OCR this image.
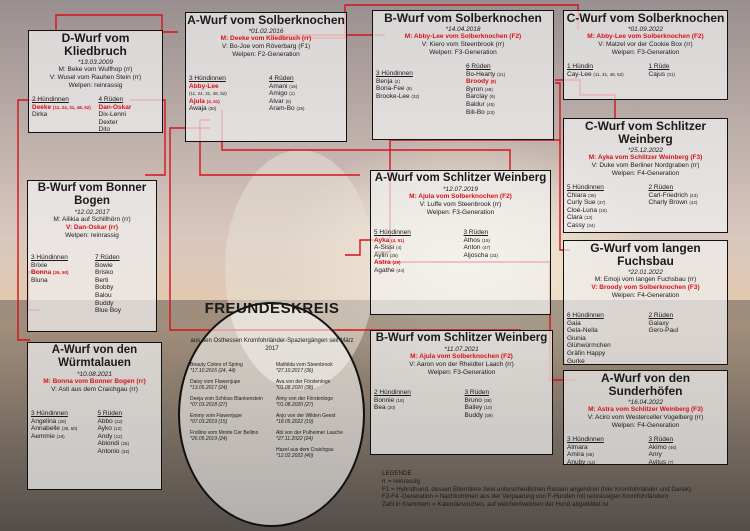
D-Wurf vom Kliedbruch
*13.03.2009
M: Beke vom Wulfhop (rr)
V: Wusel vom Rauhen Stein (rr)
Welpen: reinrassig
2 Hündinnen
Deeke (11, 24, 31, 48, 52)
Dirka
4 Rüden
Dan-Oskar
Dix-Lenni
Dexter
Dito
A-Wurf vom Solberknochen
*01.02.2016
M: Deeke vom Kliedbruch (rr)
V: Bo-Joe vom Röverbarg (F1)
Welpen: F2-Generation
3 Hündinnen
Abby-Lee
(11, 24, 31, 48, 52)
Ajula (4, 51)
Awaja (30)
4 Rüden
Amani (16)
Amigo (1)
Alvar (6)
Aram-Bo (25)
B-Wurf vom Solberknochen
*14.04.2018
M: Abby-Lee vom Solberknochen (F2)
V: Kiero vom Steenbrook (rr)
Welpen: F3-Generation
3 Hündinnen
Benja (2)
Bona-Fee (9)
Brooke-Lee (32)
6 Rüden
Bo-Hearty (21)
Broody (8)
Byron (49)
Barclay (9)
Baldur (45)
Bill-Bo (23)
C-Wurf vom Solberknochen
*01.09.2022
M: Abby-Lee vom Solberknochen (F2)
V: Matzel vor der Cookie Box (rr)
Welpen: F3-Generation
1 Hündin
Cay-Lee (11, 31, 48, 52)
1 Rüde
Cajus (31)
B-Wurf vom Bonner Bogen
*12.02.2017
M: Ailikia auf Schillhörn (rr)
V: Dan-Oskar (rr)
Welpen: reinrassig
3 Hündinnen
Brixie
Bonna (26, 50)
Bluna
7 Rüden
Bowie
Brisko
Berti
Bobby
Balou
Buddy
Blue Boy
A-Wurf vom Schlitzer Weinberg
*12.07.2019
M: Ajula vom Solberknochen (F2)
V: Luffe vom Steenbrook (rr)
Welpen: F3-Generation
5 Hündinnen
Ayka (4, 51)
A-Sissi (4)
Aylin (25)
Astra (29)
Agathe (44)
3 Rüden
Athos (15)
Anton (47)
Aljoscha (33)
C-Wurf vom Schlitzer Weinberg
*25.12.2022
M: Ayka vom Schlitzer Weinberg (F3)
V: Duke vom Berliner Nordgraben (rr)
Welpen: F4-Generation
5 Hündinnen
Chiara (35)
Curly Sue (37)
Cloé-Luna (15)
Clara (13)
Cassy (34)
2 Rüden
Carl-Friedrich (43)
Charly Brown (42)
G-Wurf vom langen Fuchsbau
*22.01.2022
M: Emoji vom langen Fuchsbau (rr)
V: Broody vom Solberknochen (F3)
Welpen: F4-Generation
6 Hündinnen
Gaia
Gela-Nella
Giunia
Glühwürmchen
Gräfin Happy
Gurke
2 Rüden
Galaxy
Gero-Paul
B-Wurf vom Schlitzer Weinberg
*11.07.2021
M: Ajula vom Solberknochen (F2)
V: Aaron von der Rheidter Laach (rr)
Welpen: F3-Generation
2 Hündinnen
Bonnie (18)
Bea (20)
3 Rüden
Bruno (38)
Bailey (10)
Buddy (39)
A-Wurf von den Sunderhöfen
*16.04.2022
M: Astra vom Schlitzer Weinberg (F3)
V: Aciro vom Westerceller Vogelberg (rr)
Welpen: F4-Generation
3 Hündinnen
Almara
Amira (36)
Anuby (14)
3 Rüden
Akimo (46)
Anry
Avitus (7)
A-Wurf von den Würmtalauen
*10.08.2021
M: Bonna vom Bonner Bogen (rr)
V: Asti aus dem Craichgau (rr)
3 Hündinnen
Angelina (28)
Annabelle (38, 50)
Aemmie (19)
5 Rüden
Abbo (22)
Ayko (12)
Andy (12)
Abiondi (26)
Antonio (32)
FREUNDESKREIS
aus den Osthessen Kromfohrländer-Spaziergängen seit März 2017
Beauty Colors of Spring
*17.10.2016 (24, 44)
Daisy vom Flawenjupe
*13.05.2017 (24)
Deeja vom Schloss Blankenstein
*07.03.2018 (27)
Emmy vom Flawenjupe
*07.03.2019 (15)
Frollino vom Monte Cer Bellino
*26.05.2019 (24)
Mathilda vom Steenbrook
*27.10.2017 (36)
Ava von der Förstenloge
*01.08.2020 (38)
Aimy von der Förstenloge
*01.08.2020 (27)
Anjo von der Wilden Geest
*18.05.2022 (19)
Abi von der Pulheimer Laache
*27.11.2022 (24)
Hazel aus dem Craichgau
*12.02.2022 (40)
LEGENDE
rr = reinrassig
F1 = Hybridhund, dessen Elterntiere zwei unterschiedlichen Rassen angehören (hier Kromfohrländer und Dansk)
F2-F4 -Generation = Nachkommen aus der Verpaarung von F-Hunden mit reinrassigen Kromfohrländern
Zahl in Klammern = Kalenderwochen, auf welcher/welchen der Hund abgebildet ist
